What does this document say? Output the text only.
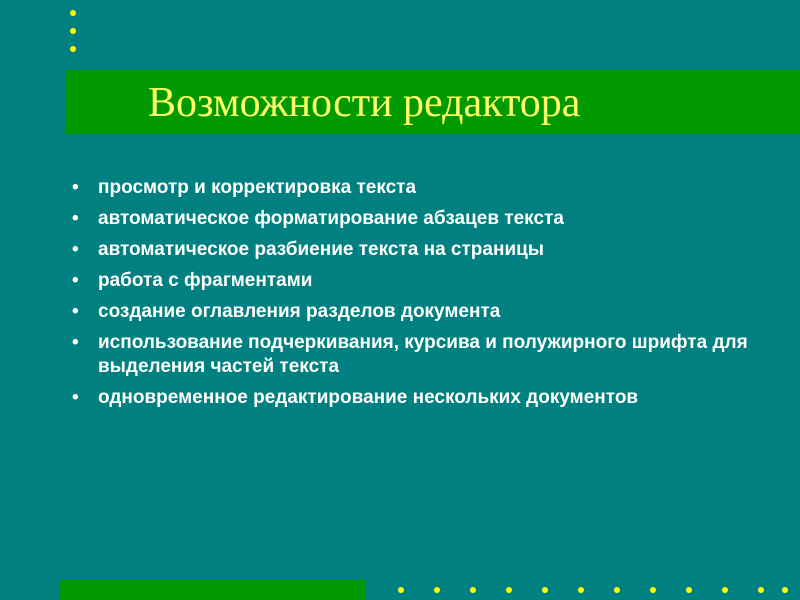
Возможности редактора
• просмотр и корректировка текста
• автоматическое форматирование абзацев текста
• автоматическое разбиение текста на страницы
• работа с фрагментами
• создание оглавления разделов документа
• использование подчеркивания, курсива и полужирного шрифта для выделения частей текста
• одновременное редактирование нескольких документов
